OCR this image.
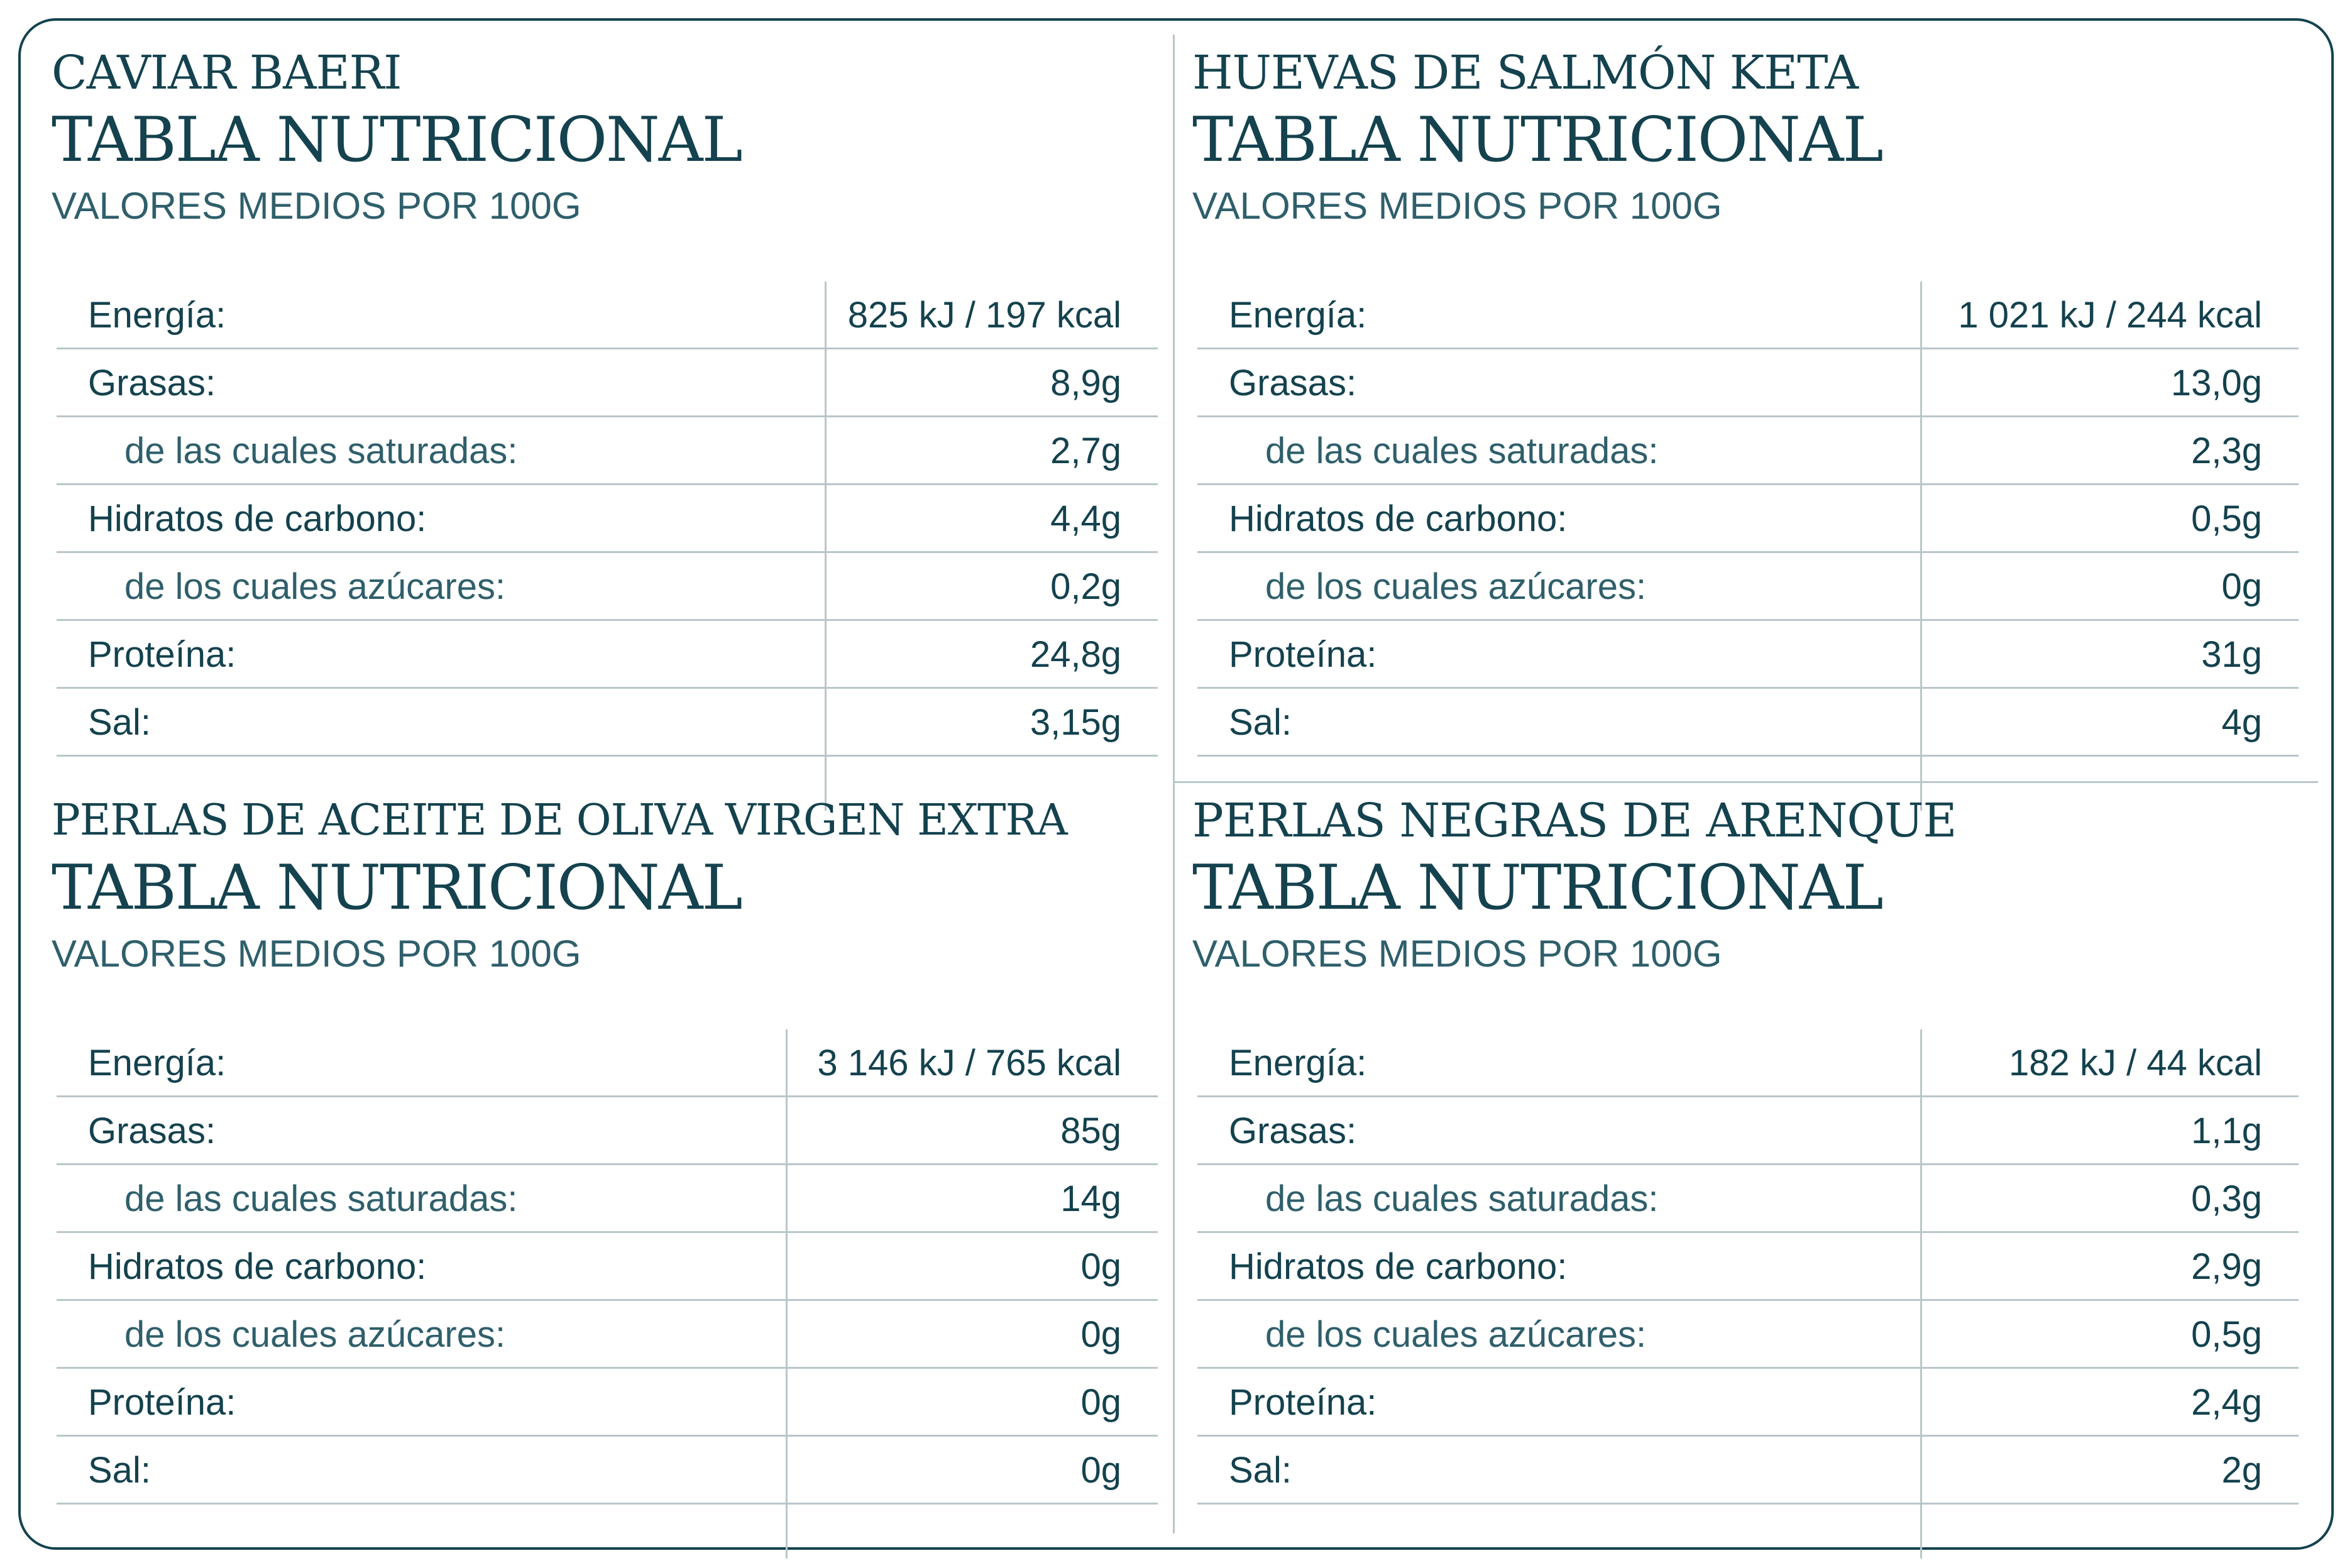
CAVIAR BAERI
TABLA NUTRICIONAL
VALORES MEDIOS POR 100G
Energía:	825 kJ / 197 kcal
Grasas:	8,9g
de las cuales saturadas:	2,7g
Hidratos de carbono:	4,4g
de los cuales azúcares:	0,2g
Proteína:	24,8g
Sal:	3,15g
HUEVAS DE SALMÓN KETA
TABLA NUTRICIONAL
VALORES MEDIOS POR 100G
Energía:	1 021 kJ / 244 kcal
Grasas:	13,0g
de las cuales saturadas:	2,3g
Hidratos de carbono:	0,5g
de los cuales azúcares:	0g
Proteína:	31g
Sal:	4g
PERLAS DE ACEITE DE OLIVA VIRGEN EXTRA
TABLA NUTRICIONAL
VALORES MEDIOS POR 100G
Energía:	3 146 kJ / 765 kcal
Grasas:	85g
de las cuales saturadas:	14g
Hidratos de carbono:	0g
de los cuales azúcares:	0g
Proteína:	0g
Sal:	0g
PERLAS NEGRAS DE ARENQUE
TABLA NUTRICIONAL
VALORES MEDIOS POR 100G
Energía:	182 kJ / 44 kcal
Grasas:	1,1g
de las cuales saturadas:	0,3g
Hidratos de carbono:	2,9g
de los cuales azúcares:	0,5g
Proteína:	2,4g
Sal:	2g
